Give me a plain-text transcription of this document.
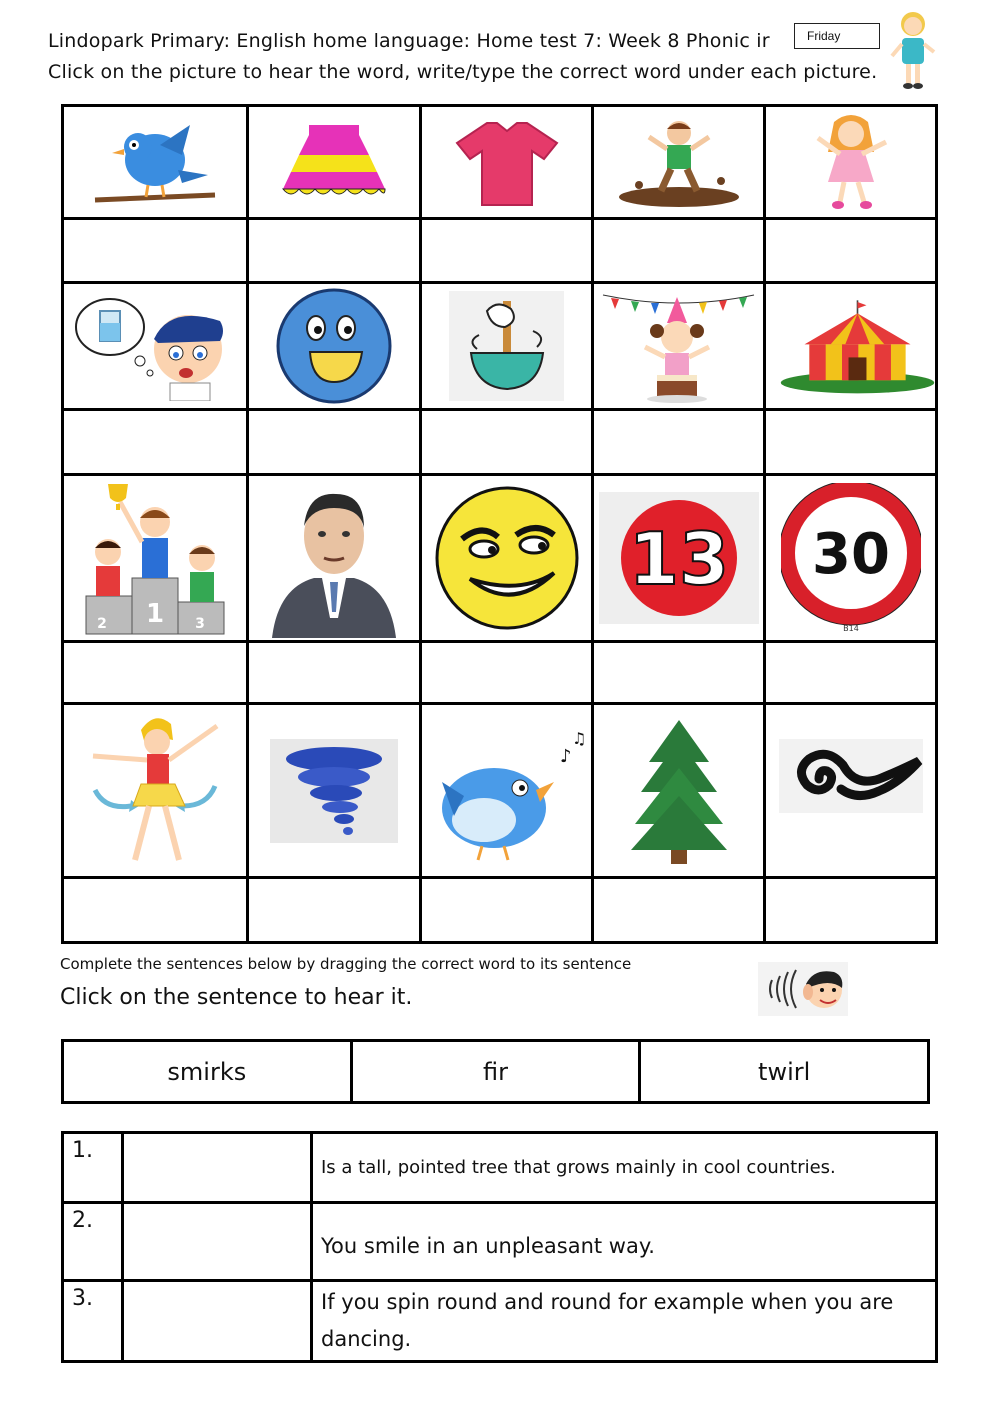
Lindopark Primary: English home language: Home test 7: Week 8 Phonic ir
Click on the picture to hear the word, write/type the correct word under each picture.
Friday
1
2	3
13 30
B14
♪
♫
Complete the sentences below by dragging the correct word to its sentence
Click on the sentence to hear it.
smirks	fir	twirl
1.
Is a tall, pointed tree that grows mainly in cool countries.
2.
You smile in an unpleasant way.
3.	If you spin round and round for example when you are dancing.
